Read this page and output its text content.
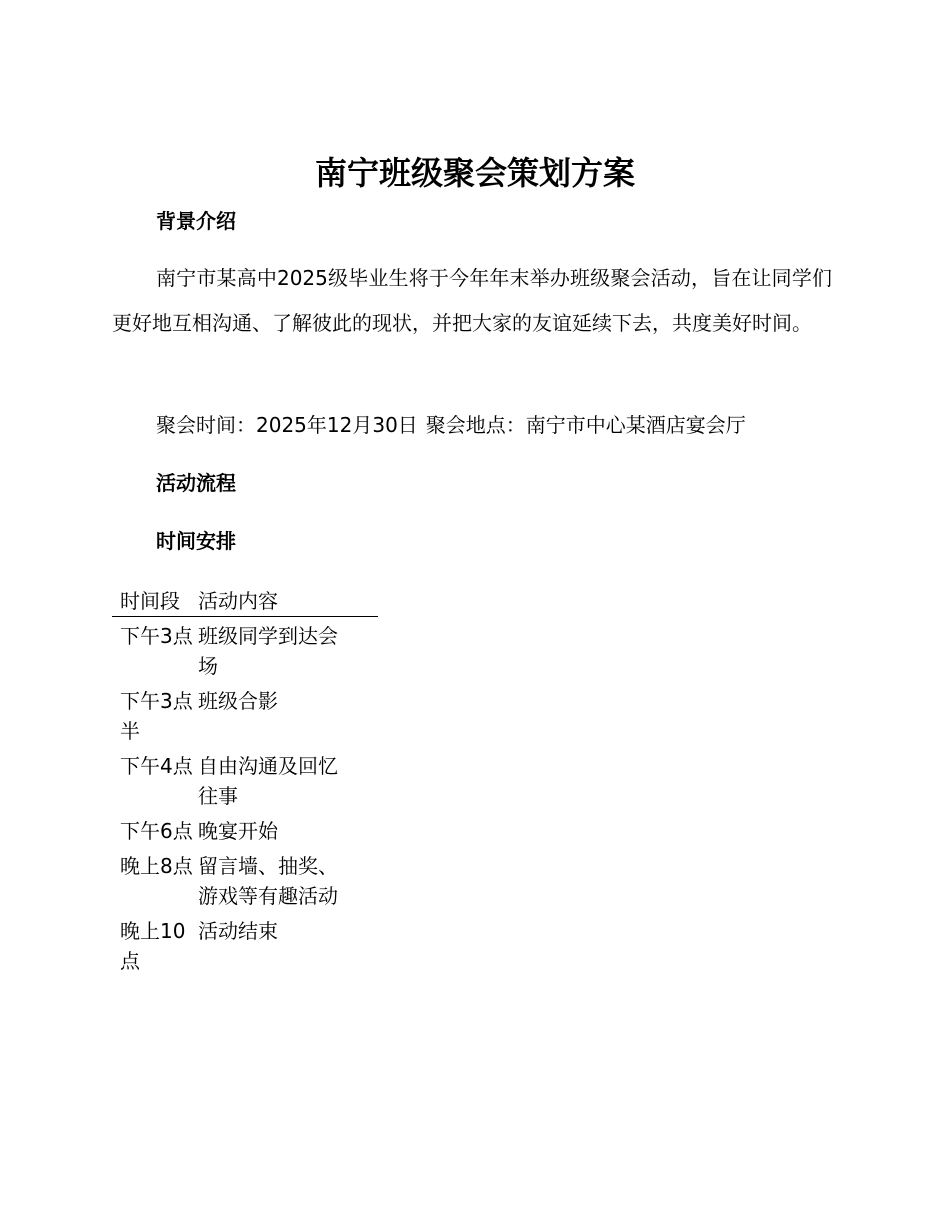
南宁班级聚会策划方案
背景介绍

南宁市某高中2025级毕业生将于今年年末举办班级聚会活动，旨在让同学们更好地互相沟通、了解彼此的现状，并把大家的友谊延续下去，共度美好时间。

聚会时间：2025年12月30日 聚会地点：南宁市中心某酒店宴会厅

活动流程
时间安排
时间段	活动内容
下午3点	班级同学到达会场
下午3点半	班级合影
下午4点	自由沟通及回忆往事
下午6点	晚宴开始
晚上8点	留言墙、抽奖、游戏等有趣活动
晚上10点	活动结束
